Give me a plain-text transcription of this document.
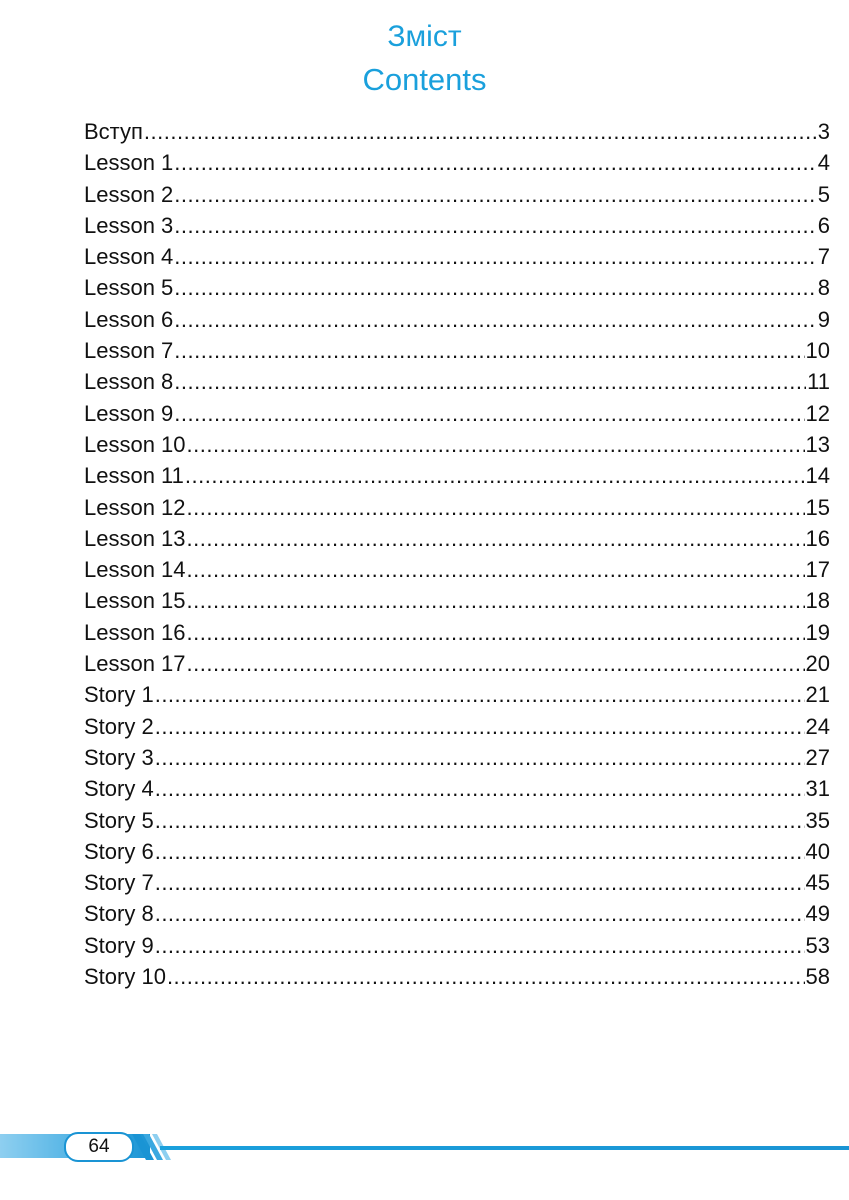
Зміст
Contents
Вступ .....	3
Lesson 1 .....	4
Lesson 2 .....	5
Lesson 3 .....	6
Lesson 4 .....	7
Lesson 5 .....	8
Lesson 6 .....	9
Lesson 7 .....	10
Lesson 8 .....	11
Lesson 9 .....	12
Lesson 10 .....	13
Lesson 11 .....	14
Lesson 12 .....	15
Lesson 13 .....	16
Lesson 14 .....	17
Lesson 15 .....	18
Lesson 16 .....	19
Lesson 17 .....	20
Story 1 .....	21
Story 2 .....	24
Story 3 .....	27
Story 4 .....	31
Story 5 .....	35
Story 6 .....	40
Story 7 .....	45
Story 8 .....	49
Story 9 .....	53
Story 10 .....	58
64
